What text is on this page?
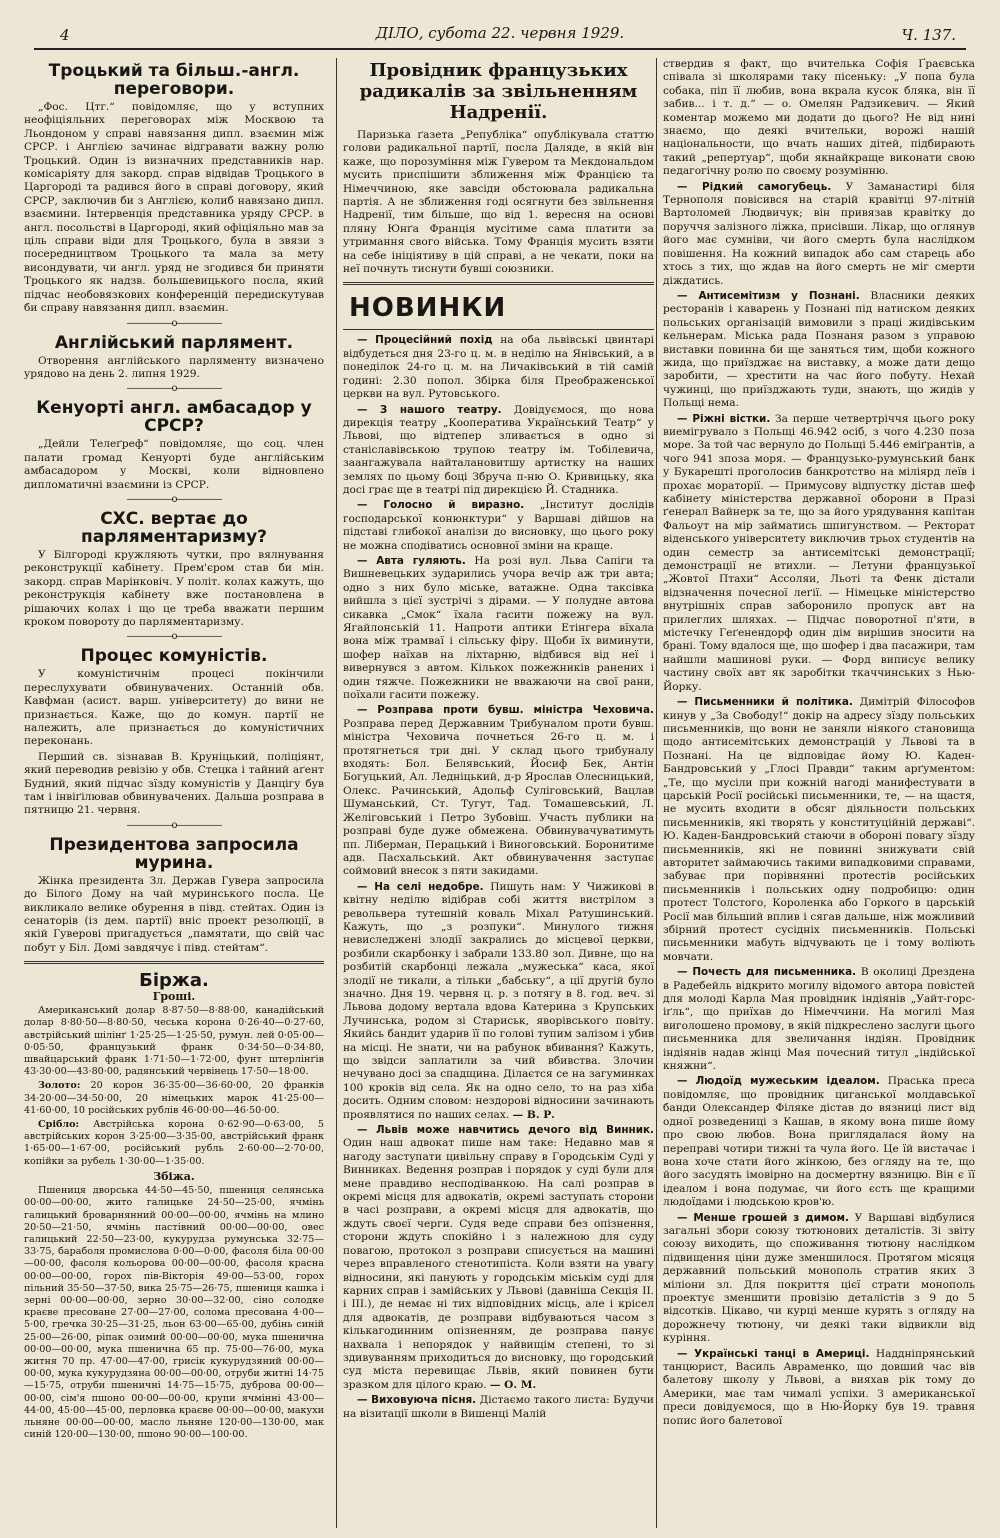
4	ДІЛО, субота 22. червня 1929.	Ч. 137.
Троцький та більш.-англ. переговори.

„Фос. Цтг.“ повідомляє, що у вступних неофіціяльних переговорах між Москвою та Льондоном у справі навязання дипл. взаємин між СРСР. і Англією зачинає відгравати важну ролю Троцький. Один із визначних представників нар. комісаріяту для закорд. справ відвідав Троцького в Царгороді та радився його в справі договору, який СРСР, заключив би з Англією, колиб навязано дипл. взаємини. Інтервенція представника уряду СРСР. в англ. посольстві в Царгороді, який офіціяльно мав за ціль справи віди для Троцького, була в звязи з посередництвом Троцького та мала за мету висондувати, чи англ. уряд не згодився би приняти Троцького як надзв. большевицького посла, який підчас необовязкових конференцій передискутував би справу навязання дипл. взаємин.

—————о—————
Англійський парлямент.

Отворення англійського парляменту визначено урядово на день 2. липня 1929.

—————о—————
Кенуорті англ. амбасадор у СРСР?

„Дейли Телеґреф“ повідомляє, що соц. член палати громад Кенуорті буде англійським амбасадором у Москві, коли відновлено дипломатичні взаємини із СРСР.

—————о—————
СХС. вертає до парляментаризму?

У Білгороді кружляють чутки, про вялнування реконструкції кабінету. Прем'єром став би мін. закорд. справ Марінковіч. У політ. колах кажуть, що реконструкція кабінету вже постановлена в рішаючих колах і що це треба вважати першим кроком повороту до парляментаризму.

—————о—————
Процес комуністів.

У комуністичнім процесі покінчили переслухувати обвинувачених. Останній обв. Кавфман (асист. варш. університету) до вини не признається. Каже, що до комун. партії не належить, але признається до комуністичних переконань.

Перший св. зізнавав В. Круніцький, поліціянт, який переводив ревізію у обв. Стецка і тайний аґент Будний, який підчас зїзду комуністів у Данцігу був там і інвіґілював обвинувачених. Дальша розправа в пятницю 21. червня.

—————о—————
Президентова запросила мурина.

Жінка президента Зл. Держав Гувера запросила до Білого Дому на чай муринського посла. Це викликало велике обурення в півд. стейтах. Один із сенаторів (із дем. партії) вніс проект резолюції, в якій Гуверові пригадується „памятати, що свій час побут у Біл. Домі завдячує і півд. стейтам“.

Біржа.
Гроші.

Американський долар 8·87·50—8·88·00, канадійський долар 8·80·50—8·80·50, чеська корона 0·26·40—0·27·60, австрійський шілінґ 1·25·25—1·25·50, румун. лей 0·05·00—0·05·50, французький франк 0·34·50—0·34·80, швайцарський франк 1·71·50—1·72·00, фунт штерлінґів 43·30·00—43·80·00, радянський червінець 17·50—18·00.

Золото: 20 корон 36·35·00—36·60·00, 20 франків 34·20·00—34·50·00, 20 німецьких марок 41·25·00—41·60·00, 10 російських рублів 46·00·00—46·50·00.

Срібло: Австрійська корона 0·62·90—0·63·00, 5 австрійських корон 3·25·00—3·35·00, австрійський франк 1·65·00—1·67·00, російський рубль 2·60·00—2·70·00, копійки за рубель 1·30·00—1·35·00.

Збіжа.

Пшениця дворська 44·50—45·50, пшениця селянська 00·00—00·00, жито галицьке 24·50—25·00, ячмінь галицький броварнянний 00·00—00·00, ячмінь на млино 20·50—21·50, ячмінь пастівний 00·00—00·00, овес галицький 22·50—23·00, кукурудза румунська 32·75—33·75, бараболя промислова 0·00—0·00, фасоля біла 00·00—00·00, фасоля кольорова 00·00—00·00, фасоля красна 00·00—00·00, горох пів-Вікторія 49·00—53·00, горох пільний 35·50—37·50, вика 25·75—26·75, пшениця кашка і зерні 00·00—00·00, зерно 30·00—32·00, сіно солодке краєве пресоване 27·00—27·00, солома пресована 4·00—5·00, гречка 30·25—31·25, льон 63·00—65·00, дубінь синій 25·00—26·00, ріпак озимий 00·00—00·00, мука пшенична 00·00—00·00, мука пшенична 65 пр. 75·00—76·00, мука житня 70 пр. 47·00—47·00, грисік кукурудзяний 00·00—00·00, мука кукурудзяна 00·00—00·00, отруби житні 14·75—15·75, отруби пшеничні 14·75—15·75, дуброва 00·00—00·00, сім'я пшоно 00·00—00·00, крупи ячмінні 43·00—44·00, 45·00—45·00, перловка краєве 00·00—00·00, макухи льняне 00·00—00·00, масло льняне 120·00—130·00, мак синій 120·00—130·00, пшоно 90·00—100·00.

Провідник французьких радикалів за звільненням Надренії.

Паризька ґазета „Републіка“ опублікувала статтю голови радикальної партії, посла Даляде, в якій він каже, що порозуміння між Гувером та Мекдональдом мусить приспішити зближення між Францією та Німеччиною, яке завсіди обстоювала радикальна партія. А не зближення годі осягнути без звільнення Надренії, тим більше, що від 1. вересня на основі пляну Юнґа Франція мусітиме сама платити за утримання свого війська. Тому Франція мусить взяти на себе ініціятиву в цій справі, а не чекати, поки на неї почнуть тиснути бувші союзники.

НОВИНКИ

— Процесійний похід на оба львівські цвинтарі відбудеться дня 23-го ц. м. в неділю на Янівський, а в понеділок 24-го ц. м. на Личаківський в тій самій годині: 2.30 попол. Збірка біля Преображенської церкви на вул. Рутовського.

— З нашого театру. Довідуємося, що нова дирекція театру „Кооператива Український Театр“ у Львові, що відтепер зливається в одно зі станіславівською трупою театру ім. Тобілевича, заангажувала найталановитшу артистку на наших землях по цьому боці Збруча п-ню О. Кривицьку, яка досі грає ще в театрі під дирекцією Й. Стадника.

— Голосно й виразно. „Інститут дослідів господарської конюнктури“ у Варшаві дійшов на підставі глибокої аналізи до висновку, що цього року не можна сподіватись основної зміни на краще.

— Авта гуляють. На розі вул. Льва Сапіги та Вишневецьких зударились учора вечір аж три авта; одно з них було міське, ватажне. Одна таксівка вийшла з цієї зустрічі з дірами. — У полудне автова сикавка „Смок“ їхала гасити пожежу на вул. Ягайлонській 11. Напроти аптики Етінгера вїхала вона між трамваї і сільську фіру. Щоби їх виминути, шофер наїхав на ліхтарню, відбився від неї і вивернувся з автом. Кількох пожежників ранених і один тяжче. Пожежники не вважаючи на свої рани, поїхали гасити пожежу.

— Розправа проти бувш. міністра Чеховича. Розправа перед Державним Трибуналом проти бувш. міністра Чеховича почнеться 26-го ц. м. і протягнеться три дні. У склад цього трибуналу входять: Бол. Белявський, Йосиф Бек, Антін Богуцький, Ал. Ледніцький, д-р Ярослав Олесницький, Олекс. Рачинський, Адольф Суліговський, Вацлав Шуманський, Ст. Тугут, Тад. Томашевський, Л. Желіговський і Петро Зубовіш. Участь публики на розправі буде дуже обмежена. Обвинувачуватимуть пп. Ліберман, Перацький і Виноговський. Боронитиме адв. Пасхальський. Акт обвинувачення заступає соймовий внесок з пяти закидами.

— На селі недобре. Пишуть нам: У Чижикові в квітну неділю відібрав собі життя вистрілом з револьвера тутешній коваль Міхал Ратушинський. Кажуть, що „з розпуки“. Минулого тижня невиследжені злодії закрались до місцевої церкви, розбили скарбонку і забрали 133.80 зол. Дивне, що на розбитій скарбонці лежала „мужеська“ каса, якої злодії не тикали, а тільки „бабську“, а ції другій було значно. Дня 19. червня ц. р. з потягу в 8. год. веч. зі Львова додому вертала вдова Катерина з Крупських Лучинська, родом зі Стариськ, яворівського повіту. Якийсь бандит ударив її по голові тупим залізом і убив на місці. Не знати, чи на рабунок вбивання? Кажуть, що звідси заплатили за чий вбивства. Злочин нечувано досі за спадщина. Ділаєтся се на загуминках 100 кроків від села. Як на одно село, то на раз хіба досить. Одним словом: нездорові відносини зачинають проявлятися по наших селах. — В. Р.

— Львів може навчитись дечого від Винник. Один наш адвокат пише нам таке: Недавно мав я нагоду заступати цивільну справу в Городськім Суді у Винниках. Ведення розправ і порядок у суді були для мене правдиво несподіванкою. На салі розправ в окремі місця для адвокатів, окремі заступать сторони в часі розправи, а окремі місця для адвокатів, що ждуть своєї черги. Судя веде справи без опізнення, сторони ждуть спокійно і з належною для суду повагою, протокол з розправи списується на машині через вправленого стенотипіста. Коли взяти на увагу відносини, які панують у городськім міськім суді для карних справ і замійських у Львові (давніша Секція ІІ. і ІІІ.), де немає ні тих відповідних місць, але і крісел для адвокатів, де розправи відбуваються часом з кількагодинним опізненням, де розправа панує нахвала і непорядок у найвищім степені, то зі здивуванням приходиться до висновку, що городський суд міста перевищає Львів, який повинен бути зразком для цілого краю. — О. М.

— Виховуюча пісня. Дістаємо такого листа: Будучи на візитації школи в Вишенці Малій

ствердив я факт, що вчителька Софія Ґраєвська співала зі школярами таку пісеньку: „У попа була собака, піп її любив, вона вкрала кусок бляка, він її забив... і т. д.“ — о. Омелян Радзикевич. — Який коментар можемо ми додати до цього? Не від нині знаємо, що деякі вчительки, ворожі нашій національности, що вчать наших дітей, підбирають такий „репертуар“, щоби якнайкраще виконати свою педагогічну ролю по своєму розумінню.

— Рідкий самогубець. У Заманастирі біля Тернополя повісився на старій кравітці 97-літній Вартоломей Людвичук; він привязав кравітку до поруччя залізного ліжка, присівши. Лікар, що оглянув його має сумніви, чи його смерть була наслідком повішення. На кожний випадок або сам старець або хтось з тих, що ждав на його смерть не міг смерти діждатись.

— Антисемітизм у Познані. Власники деяких ресторанів і каварень у Познані під натиском деяких польських організацій вимовили з праці жидівським кельнерам. Міська рада Познаня разом з управою виставки повинна би ще заняться тим, щоби кожного жида, що приїзджає на виставку, а може дати дещо заробити, — хрестити на час його побуту. Нехай чужинці, що приїзджають туди, знають, що жидів у Польщі нема.

— Ріжні вістки. За перше четвертріччя цього року виемігрувало з Польщі 46.942 осіб, з чого 4.230 поза море. За той час вернуло до Польщі 5.446 еміґрантів, а чого 941 зпоза моря. — Французько-румунський банк у Букарешті проголосив банкротство на міліярд леїв і прохає мораторії. — Примусову відпустку дістав шеф кабінету міністерства державної оборони в Празі ґенерал Вайнерк за те, що за його урядування капітан Фальоут на мір займатись шпигунством. — Ректорат віденського університету виключив трьох студентів на один семестр за антисемітські демонстрації; демонстрації не втихли. — Летуни французької „Жовтої Птахи“ Ассоляи, Льоті та Фенк дістали відзначення почесної леґії. — Німецьке міністерство внутрішніх справ заборонило пропуск авт на прилеглих шляхах. — Підчас поворотної п'яти, в містечку Геґенендорф один дім вирішив зносити на брані. Тому вдалося ще, що шофер і два пасажири, там найшли машинові руки. — Форд виписує велику частину своїх авт як заробітки ткаччинських з Нью-Йорку.

— Письменники й політика. Димітрій Філософов кинув у „За Свободу!“ докір на адресу зїзду польських письменників, що вони не заняли ніякого становища щодо антисемітських демонстрацій у Львові та в Познані. На це відповідає йому Ю. Каден-Бандровський у „Глосі Правди“ таким арґументом: „Те, що мусіли при кожній нагоді манифестувати в царській Росії російські письменники, те, — на щастя, не мусить входити в обсяг діяльности польських письменників, які творять у конституційній державі“. Ю. Каден-Бандровський стаючи в обороні повагу зїзду письменників, які не повинні знижувати свій авторитет займаючись такими випадковими справами, забуває при порівнянні протестів російських письменників і польських одну подробицю: один протест Толстого, Короленка або Горкого в царській Росії мав більший вплив і сягав дальше, ніж можливий збірний протест сусідніх письменників. Польські письменники мабуть відчувають це і тому воліють мовчати.

— Почесть для письменника. В околиці Дрездена в Радебейль відкрито могилу відомого автора повістей для молоді Карла Мая провідник індіянів „Уайт-горс-іґль“, що приїхав до Німеччини. На могилі Мая виголошено промову, в якій підкреслено заслуги цього письменника для звеличання індіян. Провідник індіянів надав жінці Мая почесний титул „індійської княжни“.

— Людоїд мужеським ідеалом. Праська преса повідомляє, що провідник циганської молдавської банди Олександер Філяке дістав до вязниці лист від одної розведениці з Кашав, в якому вона пише йому про свою любов. Вона приглядалася йому на переправі чотири тижні та чула його. Це їй вистачає і вона хоче стати його жінкою, без огляду на те, що його засудять імовірно на досмертну вязницю. Він є її ідеалом і вона подумає, чи його єсть ще кращими людоїдами і людською кров'ю.

— Менше грошей з димом. У Варшаві відбулися загальні збори союзу тютюнових деталістів. Зі звіту союзу виходить, що споживання тютюну наслідком підвищення ціни дуже зменшилося. Протягом місяця державний польський монополь стратив яких 3 міліони зл. Для покриття цієї страти монополь проектує зменшити провізію деталістів з 9 до 5 відсотків. Цікаво, чи курці менше курять з огляду на дорожнечу тютюну, чи деякі таки відвикли від куріння.

— Українські танці в Америці. Наддніпрянський танцюрист, Василь Авраменко, що довший час вів балетову школу у Львові, а вияхав рік тому до Америки, має там чималі успіхи. З американської преси довідуємося, що в Ню-Йорку був 19. травня попис його балетової
